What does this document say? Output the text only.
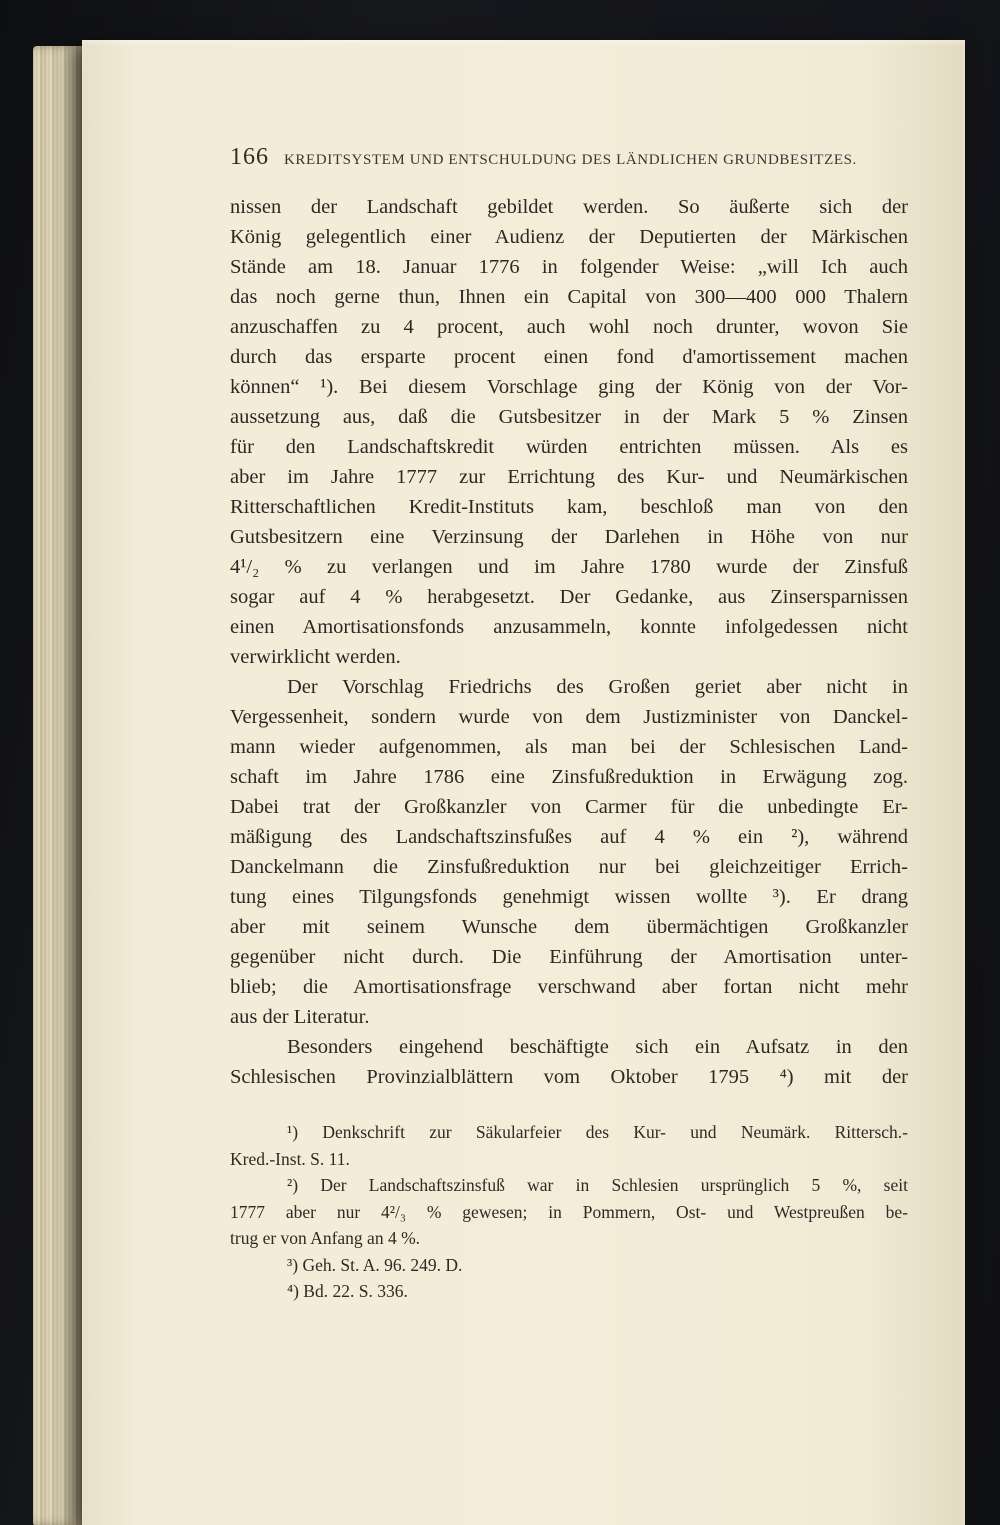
166 KREDITSYSTEM UND ENTSCHULDUNG DES LÄNDLICHEN GRUNDBESITZES.
nissen der Landschaft gebildet werden. So äußerte sich der
König gelegentlich einer Audienz der Deputierten der Märkischen
Stände am 18. Januar 1776 in folgender Weise: „will Ich auch
das noch gerne thun, Ihnen ein Capital von 300—400 000 Thalern
anzuschaffen zu 4 procent, auch wohl noch drunter, wovon Sie
durch das ersparte procent einen fond d'amortissement machen
können“ ¹). Bei diesem Vorschlage ging der König von der Vor-
aussetzung aus, daß die Gutsbesitzer in der Mark 5 % Zinsen
für den Landschaftskredit würden entrichten müssen. Als es
aber im Jahre 1777 zur Errichtung des Kur- und Neumärkischen
Ritterschaftlichen Kredit-Instituts kam, beschloß man von den
Gutsbesitzern eine Verzinsung der Darlehen in Höhe von nur
4¹/₂ % zu verlangen und im Jahre 1780 wurde der Zinsfuß
sogar auf 4 % herabgesetzt. Der Gedanke, aus Zinsersparnissen
einen Amortisationsfonds anzusammeln, konnte infolgedessen nicht
verwirklicht werden.
Der Vorschlag Friedrichs des Großen geriet aber nicht in
Vergessenheit, sondern wurde von dem Justizminister von Danckel-
mann wieder aufgenommen, als man bei der Schlesischen Land-
schaft im Jahre 1786 eine Zinsfußreduktion in Erwägung zog.
Dabei trat der Großkanzler von Carmer für die unbedingte Er-
mäßigung des Landschaftszinsfußes auf 4 % ein ²), während
Danckelmann die Zinsfußreduktion nur bei gleichzeitiger Errich-
tung eines Tilgungsfonds genehmigt wissen wollte ³). Er drang
aber mit seinem Wunsche dem übermächtigen Großkanzler
gegenüber nicht durch. Die Einführung der Amortisation unter-
blieb; die Amortisationsfrage verschwand aber fortan nicht mehr
aus der Literatur.
Besonders eingehend beschäftigte sich ein Aufsatz in den
Schlesischen Provinzialblättern vom Oktober 1795 ⁴) mit der
¹) Denkschrift zur Säkularfeier des Kur- und Neumärk. Rittersch.-
Kred.-Inst. S. 11.
²) Der Landschaftszinsfuß war in Schlesien ursprünglich 5 %, seit
1777 aber nur 4²/₃ % gewesen; in Pommern, Ost- und Westpreußen be-
trug er von Anfang an 4 %.
³) Geh. St. A. 96. 249. D.
⁴) Bd. 22. S. 336.
